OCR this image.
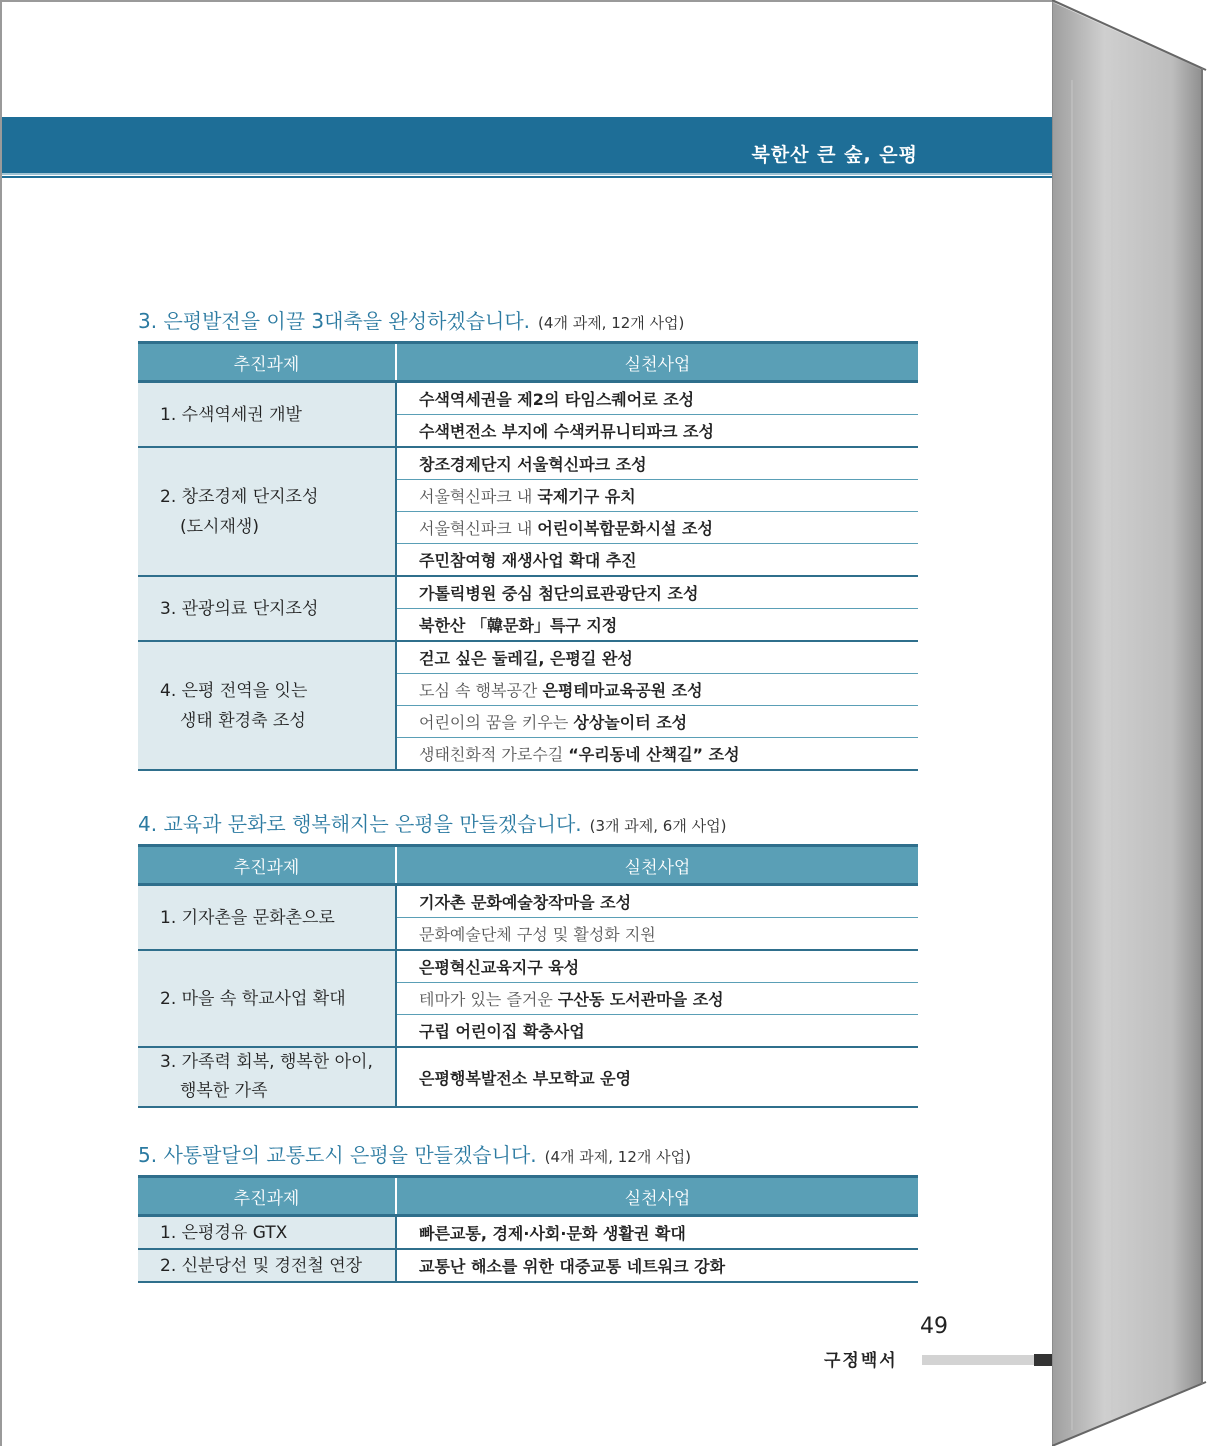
북한산 큰 숲, 은평
3. 은평발전을 이끌 3대축을 완성하겠습니다. (4개 과제, 12개 사업)
추진과제	실천사업

1. 수색역세권 개발	수색역세권을 제2의 타임스퀘어로 조성
	수색변전소 부지에 수색커뮤니티파크 조성

2. 창조경제 단지조성
(도시재생)	창조경제단지 서울혁신파크 조성
	서울혁신파크 내 국제기구 유치
	서울혁신파크 내 어린이복합문화시설 조성
	주민참여형 재생사업 확대 추진

3. 관광의료 단지조성	가톨릭병원 중심 첨단의료관광단지 조성
	북한산 「韓문화」특구 지정

4. 은평 전역을 잇는
생태 환경축 조성	걷고 싶은 둘레길, 은평길 완성
	도심 속 행복공간 은평테마교육공원 조성
	어린이의 꿈을 키우는 상상놀이터 조성
	생태친화적 가로수길 “우리동네 산책길” 조성
4. 교육과 문화로 행복해지는 은평을 만들겠습니다. (3개 과제, 6개 사업)
추진과제	실천사업

1. 기자촌을 문화촌으로	기자촌 문화예술창작마을 조성
	문화예술단체 구성 및 활성화 지원

2. 마을 속 학교사업 확대	은평혁신교육지구 육성
	테마가 있는 즐거운 구산동 도서관마을 조성
	구립 어린이집 확충사업

3. 가족력 회복, 행복한 아이,
행복한 가족	은평행복발전소 부모학교 운영
5. 사통팔달의 교통도시 은평을 만들겠습니다. (4개 과제, 12개 사업)
추진과제	실천사업

1. 은평경유 GTX	빠른교통, 경제·사회·문화 생활권 확대

2. 신분당선 및 경전철 연장	교통난 해소를 위한 대중교통 네트워크 강화
49
구정백서
